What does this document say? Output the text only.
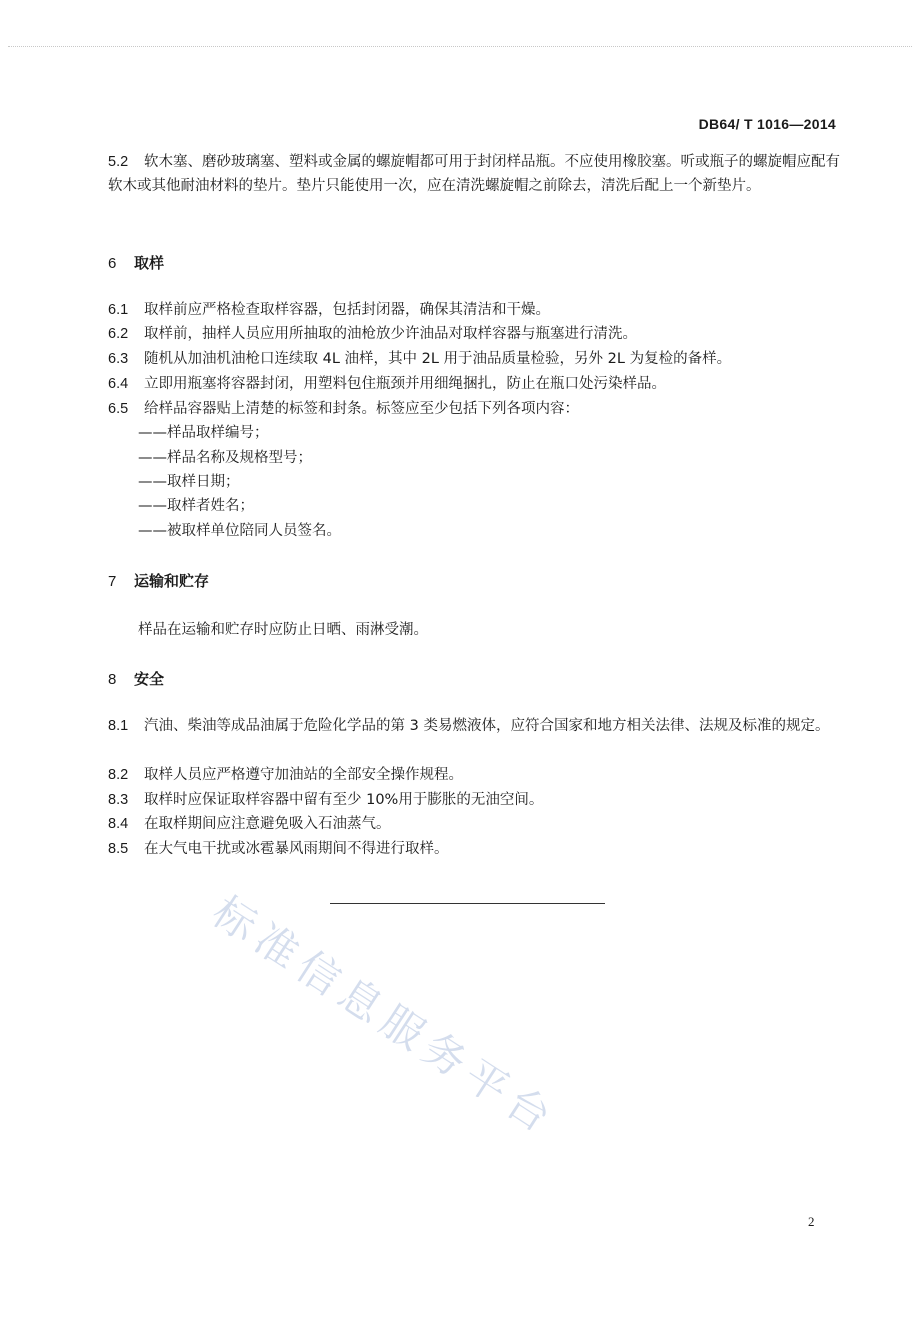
DB64/ T 1016—2014
5.2 软木塞、磨砂玻璃塞、塑料或金属的螺旋帽都可用于封闭样品瓶。不应使用橡胶塞。听或瓶子的螺旋帽应配有软木或其他耐油材料的垫片。垫片只能使用一次，应在清洗螺旋帽之前除去，清洗后配上一个新垫片。
6 取样
6.1 取样前应严格检查取样容器，包括封闭器，确保其清洁和干燥。
6.2 取样前，抽样人员应用所抽取的油枪放少许油品对取样容器与瓶塞进行清洗。
6.3 随机从加油机油枪口连续取 4L 油样，其中 2L 用于油品质量检验，另外 2L 为复检的备样。
6.4 立即用瓶塞将容器封闭，用塑料包住瓶颈并用细绳捆扎，防止在瓶口处污染样品。
6.5 给样品容器贴上清楚的标签和封条。标签应至少包括下列各项内容：
——样品取样编号；
——样品名称及规格型号；
——取样日期；
——取样者姓名；
——被取样单位陪同人员签名。
7 运输和贮存
样品在运输和贮存时应防止日晒、雨淋受潮。
8 安全
8.1 汽油、柴油等成品油属于危险化学品的第 3 类易燃液体，应符合国家和地方相关法律、法规及标准的规定。
8.2 取样人员应严格遵守加油站的全部安全操作规程。
8.3 取样时应保证取样容器中留有至少 10%用于膨胀的无油空间。
8.4 在取样期间应注意避免吸入石油蒸气。
8.5 在大气电干扰或冰雹暴风雨期间不得进行取样。
标准信息服务平台
2
